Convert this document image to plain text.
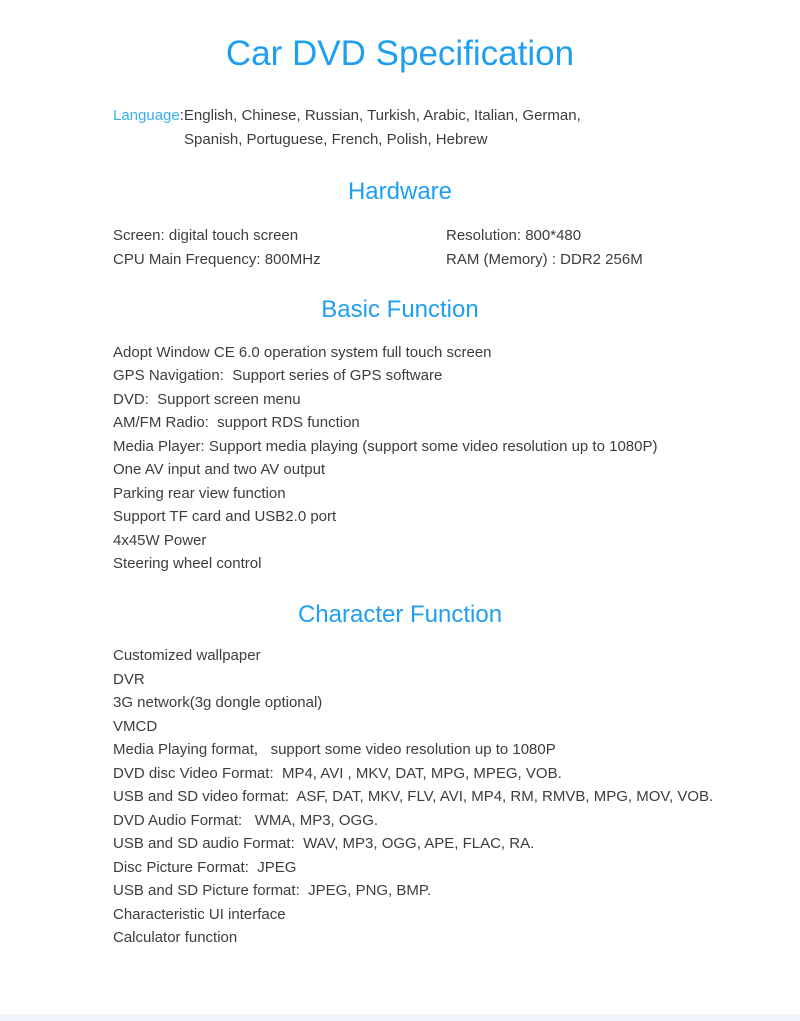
Car DVD Specification
Language:English, Chinese, Russian, Turkish, Arabic, Italian, German,
Spanish, Portuguese, French, Polish, Hebrew
Hardware
Screen: digital touch screen	Resolution: 800*480
CPU Main Frequency: 800MHz	RAM (Memory) : DDR2 256M
Basic Function
Adopt Window CE 6.0 operation system full touch screen
GPS Navigation:  Support series of GPS software
DVD:  Support screen menu
AM/FM Radio:  support RDS function
Media Player: Support media playing (support some video resolution up to 1080P)
One AV input and two AV output
Parking rear view function
Support TF card and USB2.0 port
4x45W Power
Steering wheel control
Character Function
Customized wallpaper
DVR
3G network(3g dongle optional)
VMCD
Media Playing format,   support some video resolution up to 1080P
DVD disc Video Format:  MP4, AVI , MKV, DAT, MPG, MPEG, VOB.
USB and SD video format:  ASF, DAT, MKV, FLV, AVI, MP4, RM, RMVB, MPG, MOV, VOB.
DVD Audio Format:   WMA, MP3, OGG.
USB and SD audio Format:  WAV, MP3, OGG, APE, FLAC, RA.
Disc Picture Format:  JPEG
USB and SD Picture format:  JPEG, PNG, BMP.
Characteristic UI interface
Calculator function
